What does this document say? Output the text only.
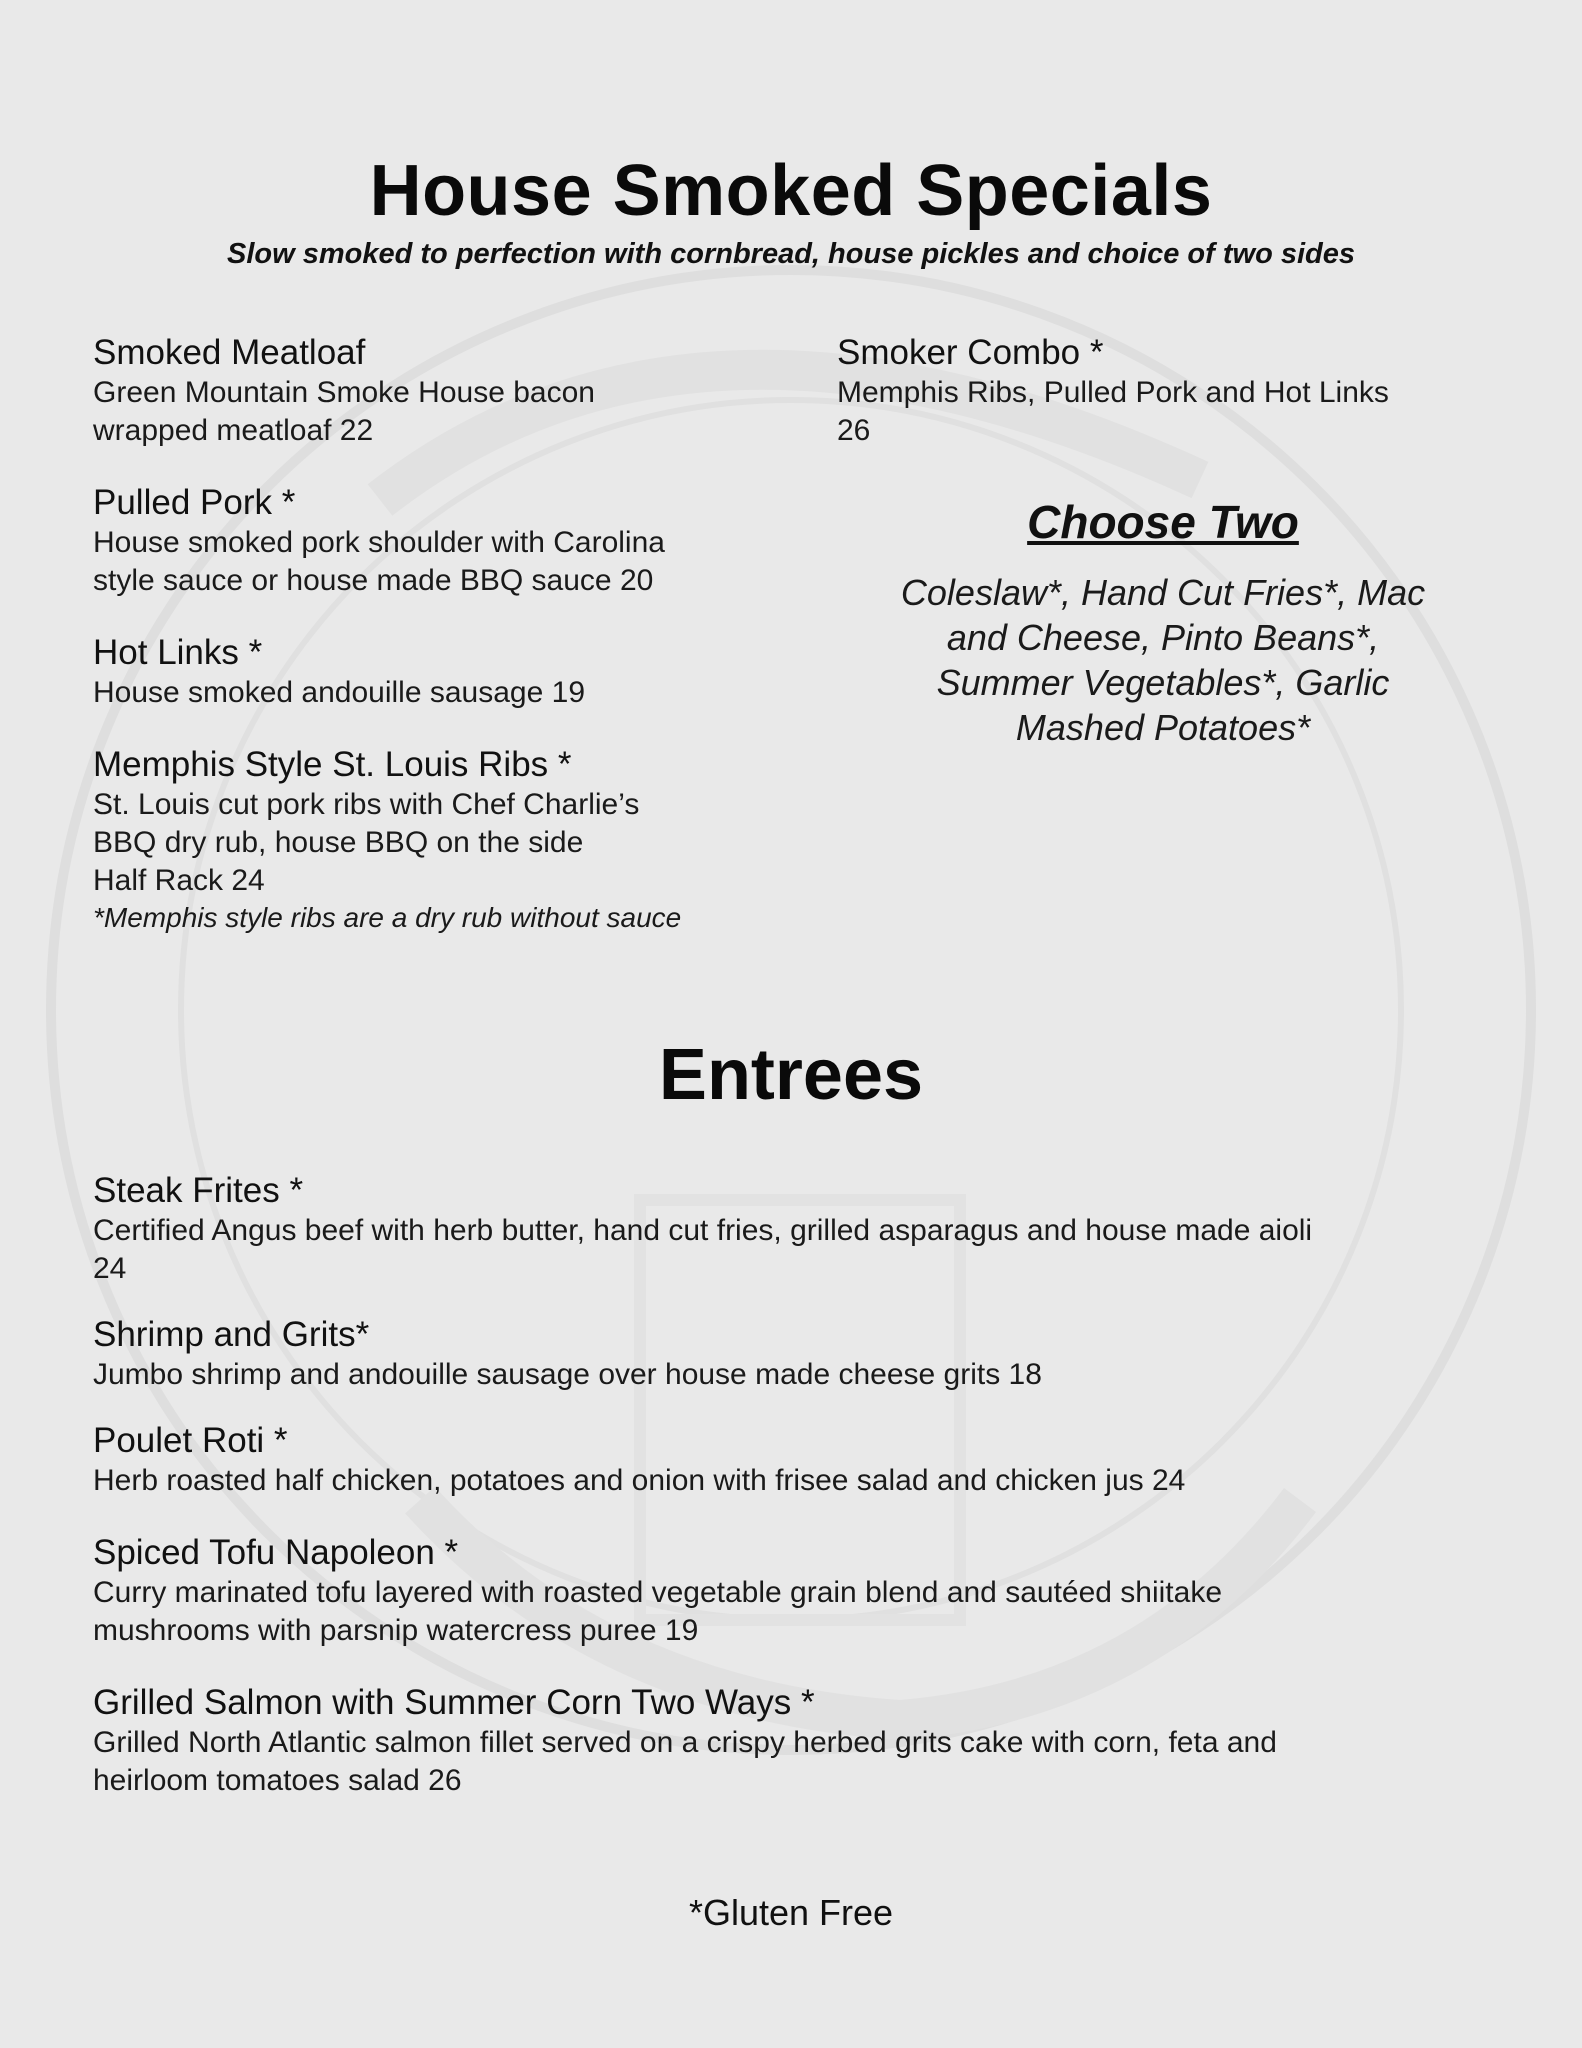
House Smoked Specials
Slow smoked to perfection with cornbread, house pickles and choice of two sides
Smoked Meatloaf
Green Mountain Smoke House bacon
wrapped meatloaf 22
Pulled Pork *
House smoked pork shoulder with Carolina
style sauce or house made BBQ sauce 20
Hot Links *
House smoked andouille sausage 19
Memphis Style St. Louis Ribs *
St. Louis cut pork ribs with Chef Charlie’s
BBQ dry rub, house BBQ on the side
Half Rack 24
*Memphis style ribs are a dry rub without sauce
Smoker Combo *
Memphis Ribs, Pulled Pork and Hot Links
26
Choose Two
Coleslaw*, Hand Cut Fries*, Mac
and Cheese, Pinto Beans*,
Summer Vegetables*, Garlic
Mashed Potatoes*
Entrees
Steak Frites *
Certified Angus beef with herb butter, hand cut fries, grilled asparagus and house made aioli
24
Shrimp and Grits*
Jumbo shrimp and andouille sausage over house made cheese grits 18
Poulet Roti *
Herb roasted half chicken, potatoes and onion with frisee salad and chicken jus 24
Spiced Tofu Napoleon *
Curry marinated tofu layered with roasted vegetable grain blend and sautéed shiitake
mushrooms with parsnip watercress puree 19
Grilled Salmon with Summer Corn Two Ways *
Grilled North Atlantic salmon fillet served on a crispy herbed grits cake with corn, feta and
heirloom tomatoes salad 26
*Gluten Free
